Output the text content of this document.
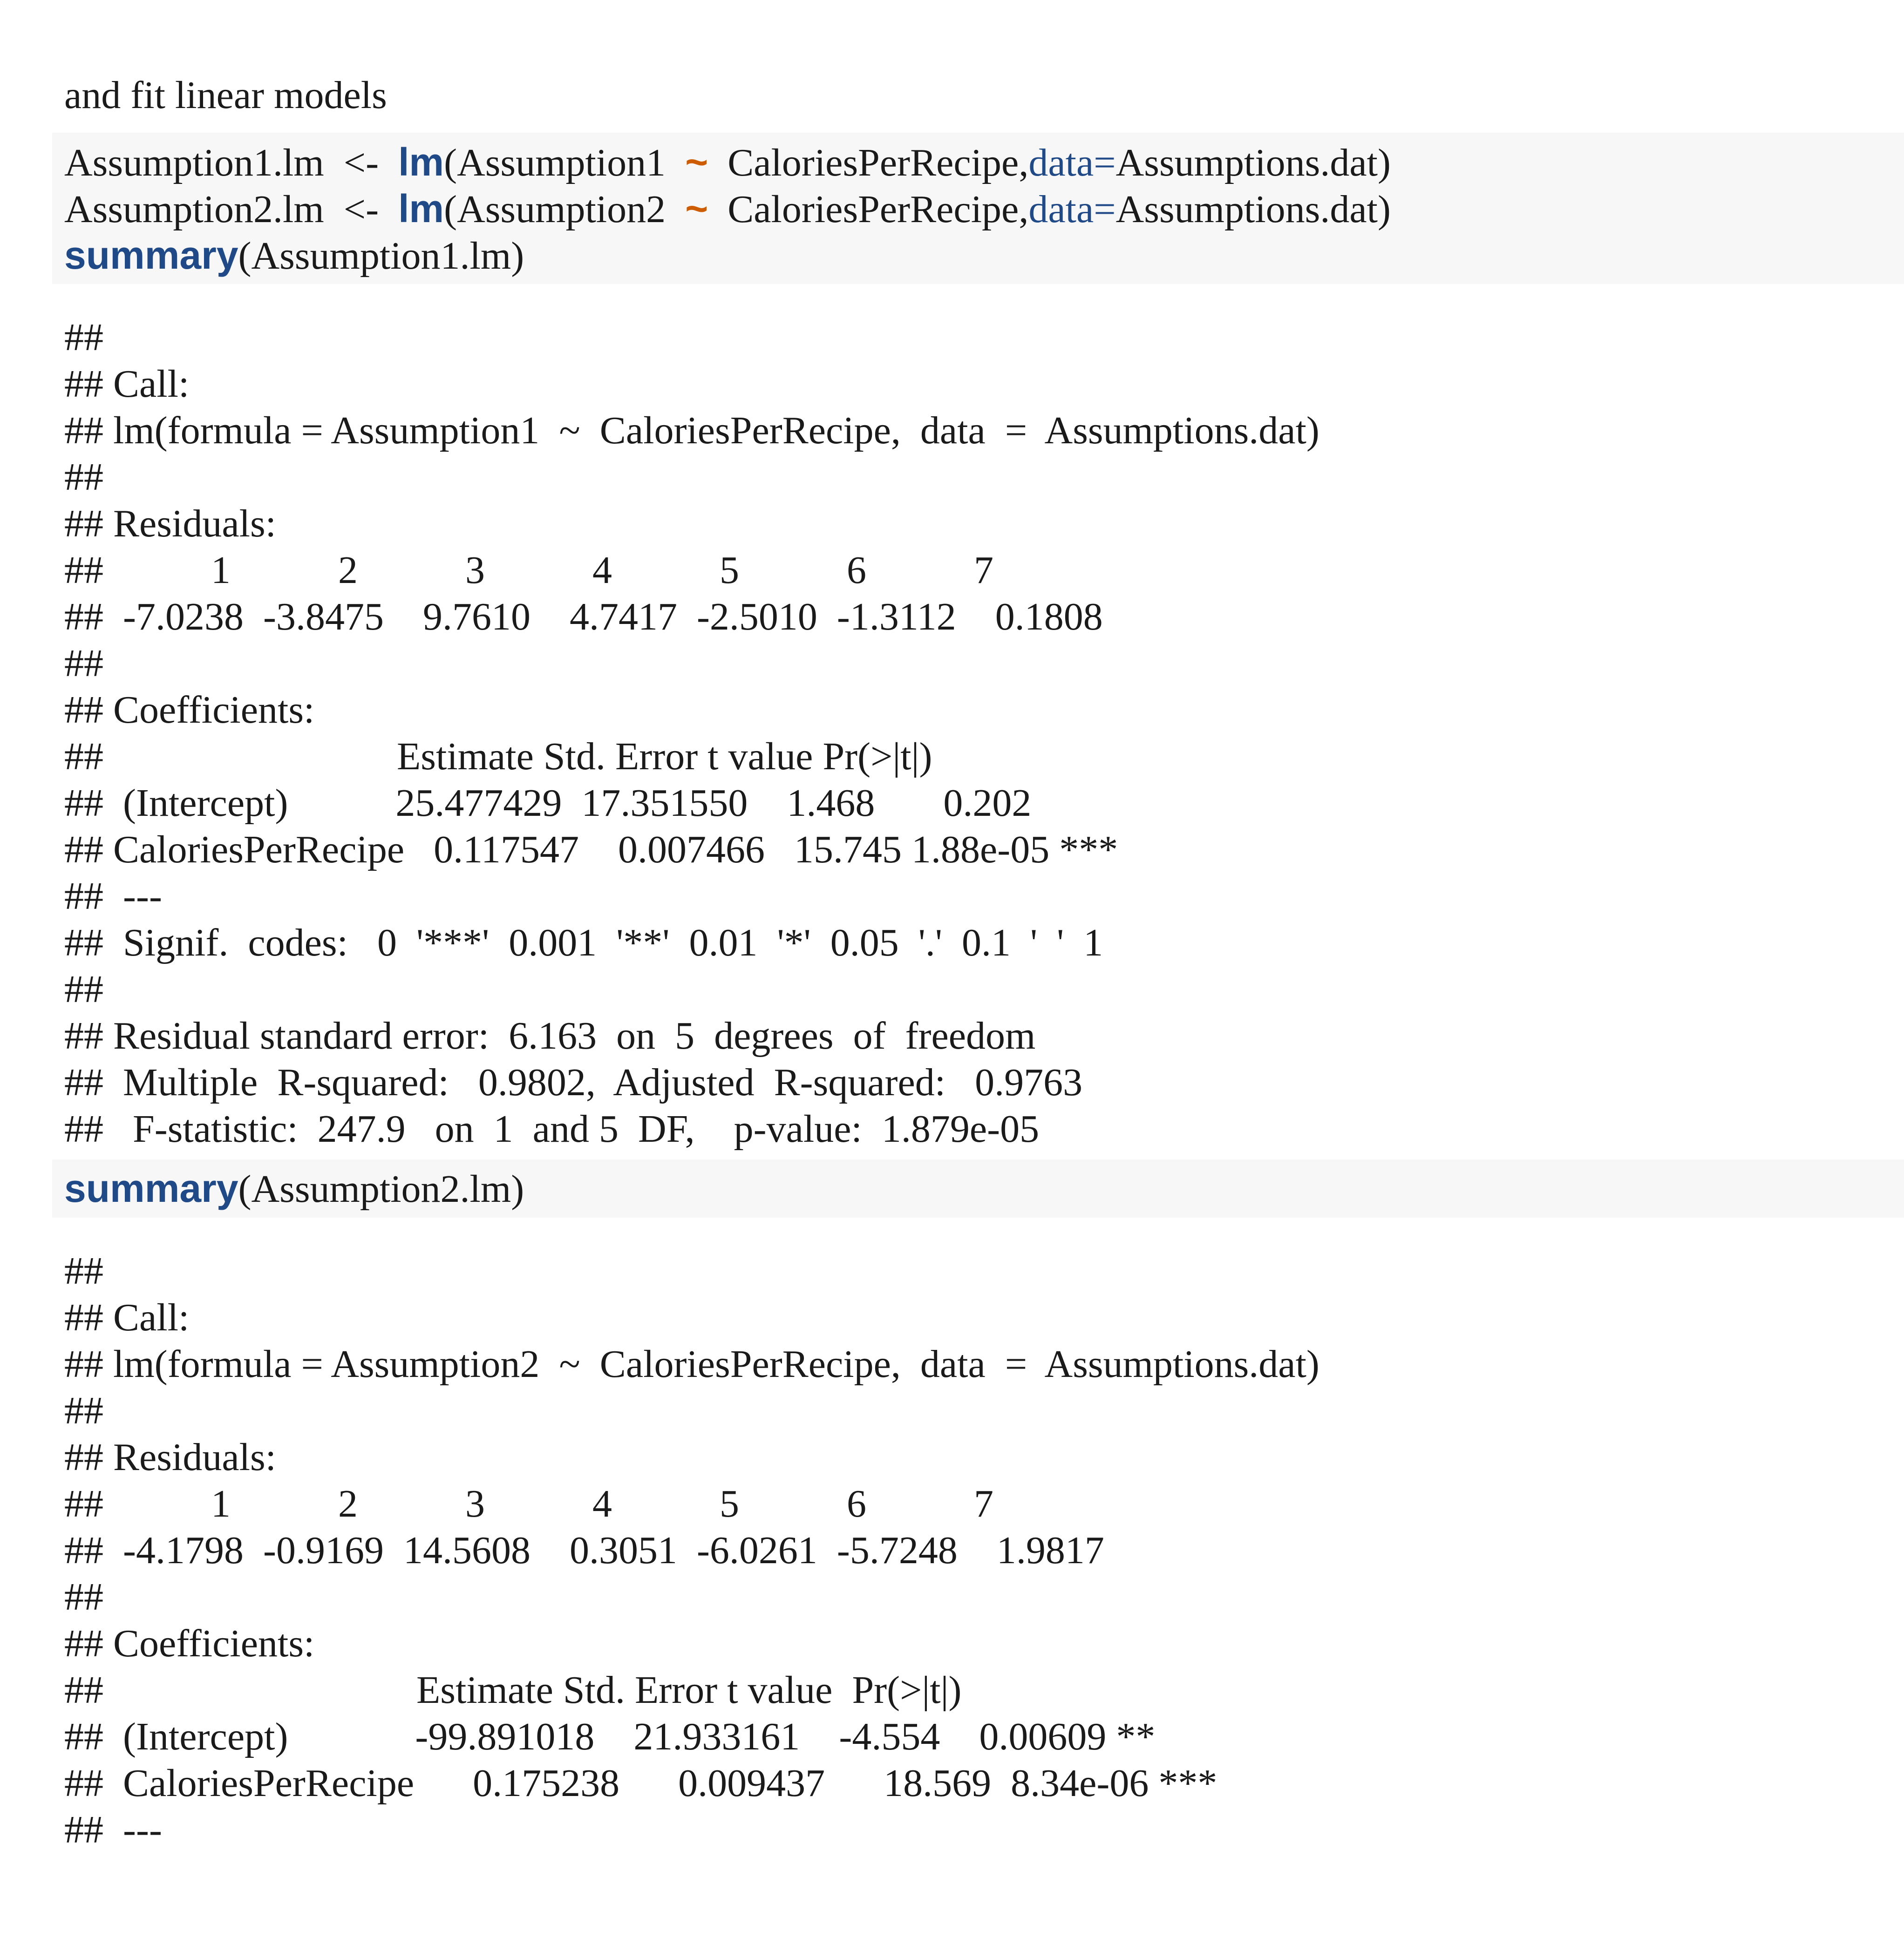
and fit linear models
Assumption1.lm  <-  lm(Assumption1  ~  CaloriesPerRecipe,data=Assumptions.dat)
Assumption2.lm  <-  lm(Assumption2  ~  CaloriesPerRecipe,data=Assumptions.dat)
summary(Assumption1.lm)
##
## Call:
## lm(formula = Assumption1  ~  CaloriesPerRecipe,  data  =  Assumptions.dat)
##
## Residuals:
##           1           2           3           4           5           6           7
##  -7.0238  -3.8475    9.7610    4.7417  -2.5010  -1.3112    0.1808
##
## Coefficients:
##                              Estimate Std. Error t value Pr(>|t|)
##  (Intercept)           25.477429  17.351550    1.468       0.202
## CaloriesPerRecipe   0.117547    0.007466   15.745 1.88e-05 ***
##  ---
##  Signif.  codes:   0  '***'  0.001  '**'  0.01  '*'  0.05  '.'  0.1  '  '  1
##
## Residual standard error:  6.163  on  5  degrees  of  freedom
##  Multiple  R-squared:   0.9802,  Adjusted  R-squared:   0.9763
##   F-statistic:  247.9   on  1  and 5  DF,    p-value:  1.879e-05
summary(Assumption2.lm)
##
## Call:
## lm(formula = Assumption2  ~  CaloriesPerRecipe,  data  =  Assumptions.dat)
##
## Residuals:
##           1           2           3           4           5           6           7
##  -4.1798  -0.9169  14.5608    0.3051  -6.0261  -5.7248    1.9817
##
## Coefficients:
##                                Estimate Std. Error t value  Pr(>|t|)
##  (Intercept)             -99.891018    21.933161    -4.554    0.00609 **
##  CaloriesPerRecipe      0.175238      0.009437      18.569  8.34e-06 ***
##  ---
